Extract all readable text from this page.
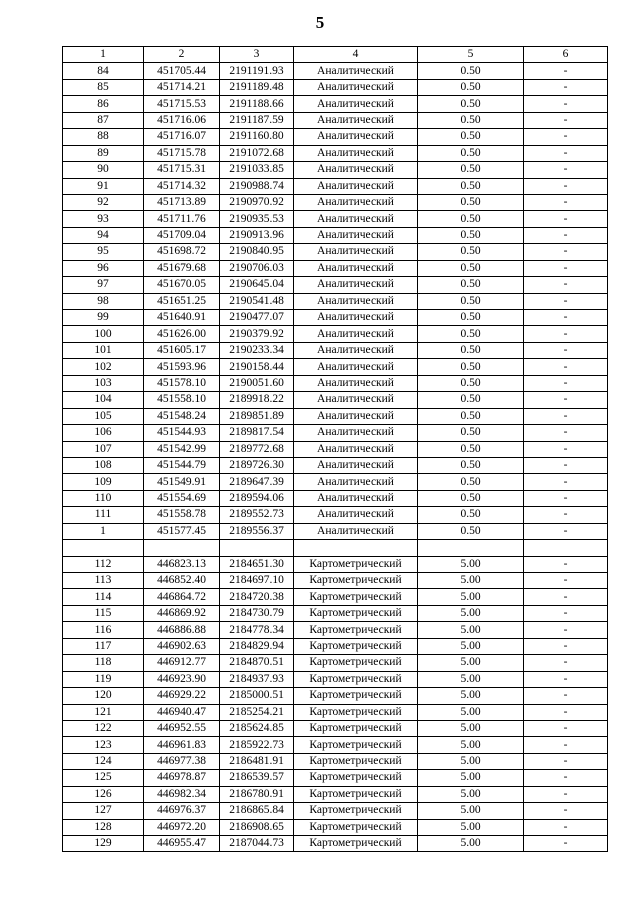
5
1	2	3	4	5	6
84	451705.44	2191191.93	Аналитический	0.50	-
85	451714.21	2191189.48	Аналитический	0.50	-
86	451715.53	2191188.66	Аналитический	0.50	-
87	451716.06	2191187.59	Аналитический	0.50	-
88	451716.07	2191160.80	Аналитический	0.50	-
89	451715.78	2191072.68	Аналитический	0.50	-
90	451715.31	2191033.85	Аналитический	0.50	-
91	451714.32	2190988.74	Аналитический	0.50	-
92	451713.89	2190970.92	Аналитический	0.50	-
93	451711.76	2190935.53	Аналитический	0.50	-
94	451709.04	2190913.96	Аналитический	0.50	-
95	451698.72	2190840.95	Аналитический	0.50	-
96	451679.68	2190706.03	Аналитический	0.50	-
97	451670.05	2190645.04	Аналитический	0.50	-
98	451651.25	2190541.48	Аналитический	0.50	-
99	451640.91	2190477.07	Аналитический	0.50	-
100	451626.00	2190379.92	Аналитический	0.50	-
101	451605.17	2190233.34	Аналитический	0.50	-
102	451593.96	2190158.44	Аналитический	0.50	-
103	451578.10	2190051.60	Аналитический	0.50	-
104	451558.10	2189918.22	Аналитический	0.50	-
105	451548.24	2189851.89	Аналитический	0.50	-
106	451544.93	2189817.54	Аналитический	0.50	-
107	451542.99	2189772.68	Аналитический	0.50	-
108	451544.79	2189726.30	Аналитический	0.50	-
109	451549.91	2189647.39	Аналитический	0.50	-
110	451554.69	2189594.06	Аналитический	0.50	-
111	451558.78	2189552.73	Аналитический	0.50	-
1	451577.45	2189556.37	Аналитический	0.50	-

112	446823.13	2184651.30	Картометрический	5.00	-
113	446852.40	2184697.10	Картометрический	5.00	-
114	446864.72	2184720.38	Картометрический	5.00	-
115	446869.92	2184730.79	Картометрический	5.00	-
116	446886.88	2184778.34	Картометрический	5.00	-
117	446902.63	2184829.94	Картометрический	5.00	-
118	446912.77	2184870.51	Картометрический	5.00	-
119	446923.90	2184937.93	Картометрический	5.00	-
120	446929.22	2185000.51	Картометрический	5.00	-
121	446940.47	2185254.21	Картометрический	5.00	-
122	446952.55	2185624.85	Картометрический	5.00	-
123	446961.83	2185922.73	Картометрический	5.00	-
124	446977.38	2186481.91	Картометрический	5.00	-
125	446978.87	2186539.57	Картометрический	5.00	-
126	446982.34	2186780.91	Картометрический	5.00	-
127	446976.37	2186865.84	Картометрический	5.00	-
128	446972.20	2186908.65	Картометрический	5.00	-
129	446955.47	2187044.73	Картометрический	5.00	-
